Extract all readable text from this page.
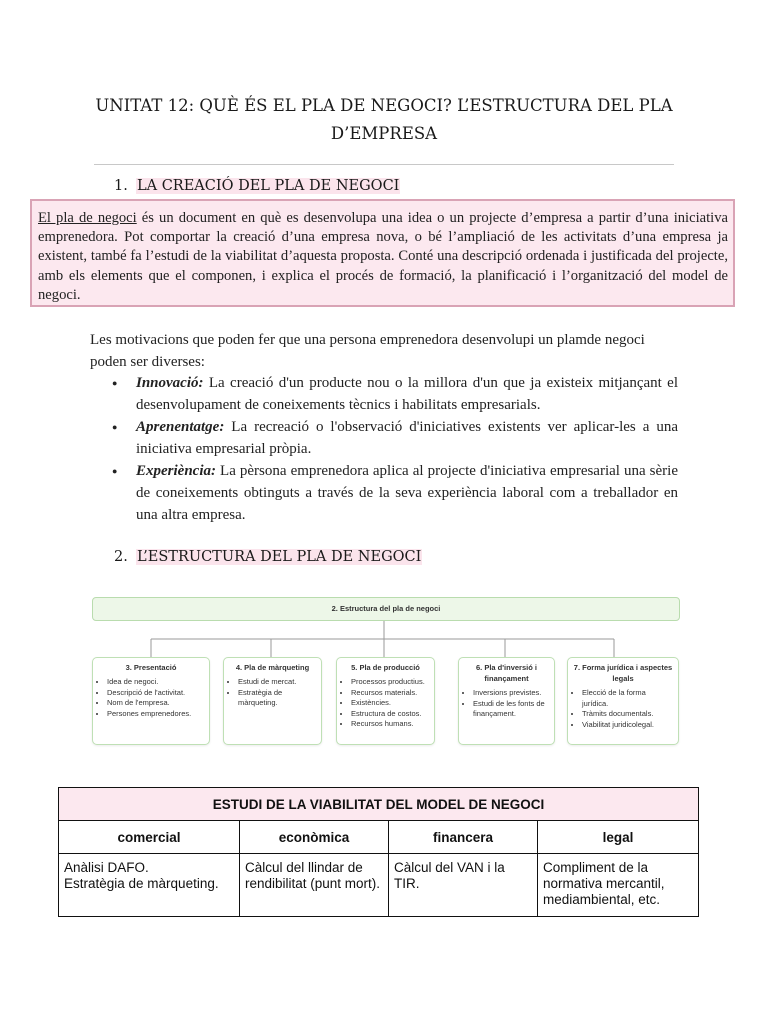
UNITAT 12: QUÈ ÉS EL PLA DE NEGOCI? L’ESTRUCTURA DEL PLA
D’EMPRESA
1. LA CREACIÓ DEL PLA DE NEGOCI
El pla de negoci és un document en què es desenvolupa una idea o un projecte d’empresa a partir d’una iniciativa emprenedora. Pot comportar la creació d’una empresa nova, o bé l’ampliació de les activitats d’una empresa ja existent, també fa l’estudi de la viabilitat d’aquesta proposta. Conté una descripció ordenada i justificada del projecte, amb els elements que el componen, i explica el procés de formació, la planificació i l’organització del model de negoci.
Les motivacions que poden fer que una persona emprenedora desenvolupi un plamde negoci poden ser diverses:
● Innovació: La creació d'un producte nou o la millora d'un que ja existeix mitjançant el desenvolupament de coneixements tècnics i habilitats empresarials.
● Aprenentatge: La recreació o l'observació d'iniciatives existents ver aplicar-les a una iniciativa empresarial pròpia.
● Experiència: La pèrsona emprenedora aplica al projecte d'iniciativa empresarial una sèrie de coneixements obtinguts a través de la seva experiència laboral com a treballador en una altra empresa.
2. L’ESTRUCTURA DEL PLA DE NEGOCI
2. Estructura del pla de negoci
3. Presentació
• Idea de negoci.
• Descripció de l'activitat.
• Nom de l'empresa.
• Persones emprenedores.
4. Pla de màrqueting
• Estudi de mercat.
• Estratègia de màrqueting.
5. Pla de producció
• Processos productius.
• Recursos materials.
• Existències.
• Estructura de costos.
• Recursos humans.
6. Pla d'inversió i finançament
• Inversions previstes.
• Estudi de les fonts de finançament.
7. Forma jurídica i aspectes legals
• Elecció de la forma jurídica.
• Tràmits documentals.
• Viabilitat juridicolegal.
ESTUDI DE LA VIABILITAT DEL MODEL DE NEGOCI			
comercial	econòmica	financera	legal
Anàlisi DAFO.
Estratègia de màrqueting.	Càlcul del llindar de rendibilitat (punt mort).	Càlcul del VAN i la TIR.	Compliment de la normativa mercantil, mediambiental, etc.
